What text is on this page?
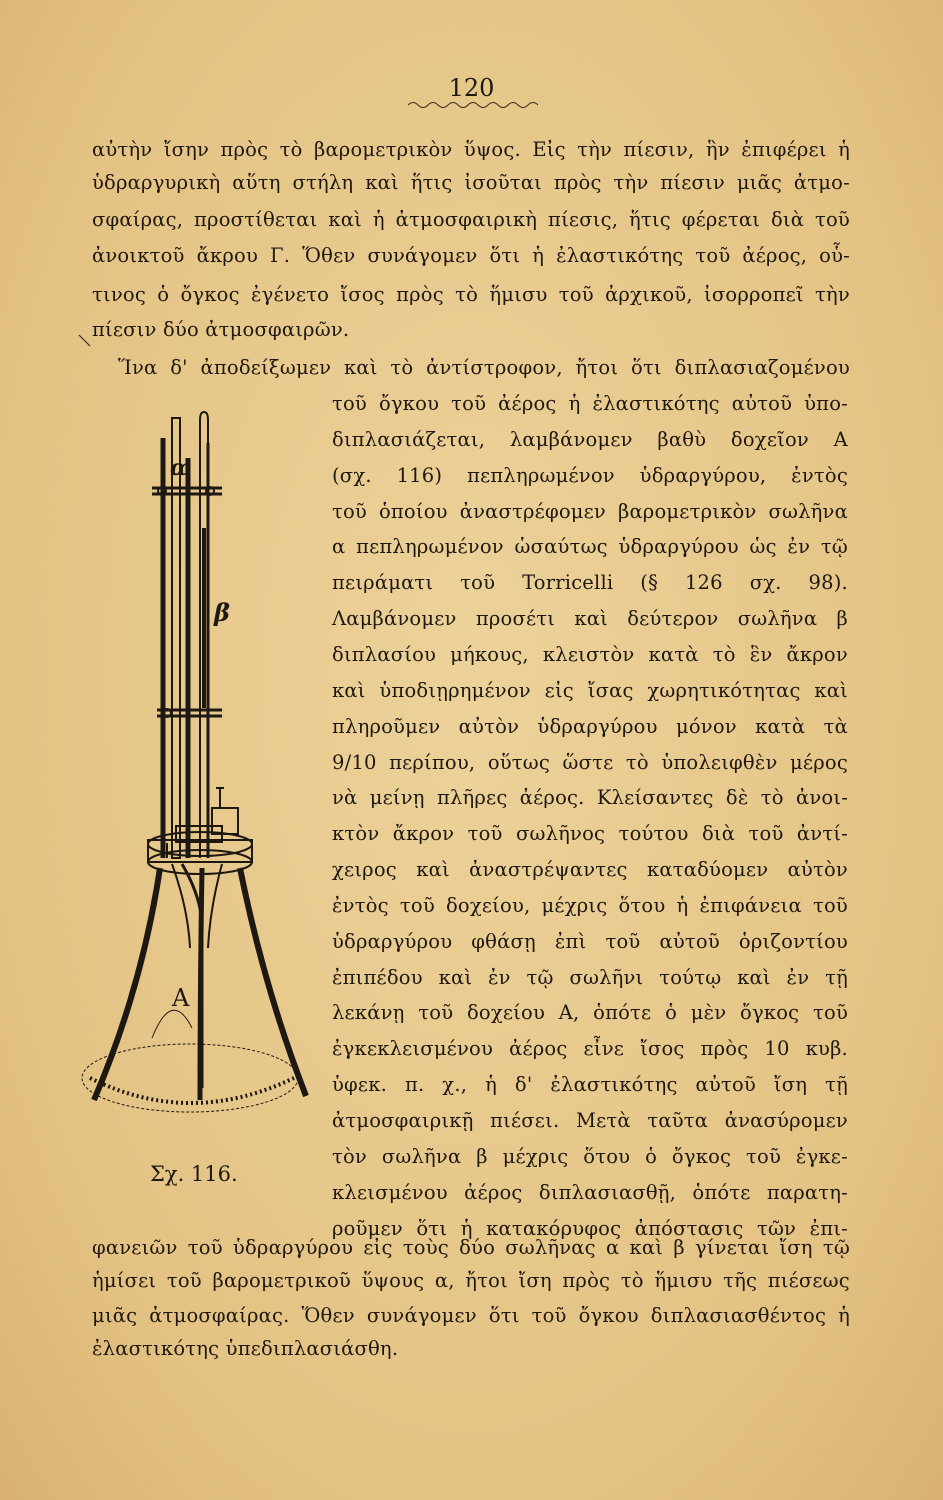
120
αὐτὴν ἴσην πρὸς τὸ βαρομετρικὸν ὕψος. Εἰς τὴν πίεσιν, ἣν ἐπιφέρει ἡ
ὑδραργυρικὴ αὕτη στήλη καὶ ἥτις ἰσοῦται πρὸς τὴν πίεσιν μιᾶς ἀτμο-
σφαίρας, προστίθεται καὶ ἡ ἀτμοσφαιρικὴ πίεσις, ἥτις φέρεται διὰ τοῦ
ἀνοικτοῦ ἄκρου Γ. Ὅθεν συνάγομεν ὅτι ἡ ἐλαστικότης τοῦ ἀέρος, οὗ-
τινος ὁ ὄγκος ἐγένετο ἴσος πρὸς τὸ ἥμισυ τοῦ ἀρχικοῦ, ἰσορροπεῖ τὴν
πίεσιν δύο ἀτμοσφαιρῶν.
Ἵνα δ' ἀποδείξωμεν καὶ τὸ ἀντίστροφον, ἤτοι ὅτι διπλασιαζομένου
τοῦ ὄγκου τοῦ ἀέρος ἡ ἐλαστικότης αὐτοῦ ὑπο-
διπλασιάζεται, λαμβάνομεν βαθὺ δοχεῖον Α
(σχ. 116) πεπληρωμένον ὑδραργύρου, ἐντὸς
τοῦ ὁποίου ἀναστρέφομεν βαρομετρικὸν σωλῆνα
α πεπληρωμένον ὡσαύτως ὑδραργύρου ὡς ἐν τῷ
πειράματι τοῦ Torricelli (§ 126 σχ. 98).
Λαμβάνομεν προσέτι καὶ δεύτερον σωλῆνα β
διπλασίου μήκους, κλειστὸν κατὰ τὸ ἓν ἄκρον
καὶ ὑποδιῃρημένον εἰς ἴσας χωρητικότητας καὶ
πληροῦμεν αὐτὸν ὑδραργύρου μόνον κατὰ τὰ
9/10 περίπου, οὕτως ὥστε τὸ ὑπολειφθὲν μέρος
νὰ μείνῃ πλῆρες ἀέρος. Κλείσαντες δὲ τὸ ἀνοι-
κτὸν ἄκρον τοῦ σωλῆνος τούτου διὰ τοῦ ἀντί-
χειρος καὶ ἀναστρέψαντες καταδύομεν αὐτὸν
ἐντὸς τοῦ δοχείου, μέχρις ὅτου ἡ ἐπιφάνεια τοῦ
ὑδραργύρου φθάσῃ ἐπὶ τοῦ αὐτοῦ ὁριζοντίου
ἐπιπέδου καὶ ἐν τῷ σωλῆνι τούτῳ καὶ ἐν τῇ
λεκάνῃ τοῦ δοχείου Α, ὁπότε ὁ μὲν ὄγκος τοῦ
ἐγκεκλεισμένου ἀέρος εἶνε ἴσος πρὸς 10 κυβ.
ὑφεκ. π. χ., ἡ δ' ἐλαστικότης αὐτοῦ ἴση τῇ
ἀτμοσφαιρικῇ πιέσει. Μετὰ ταῦτα ἀνασύρομεν
τὸν σωλῆνα β μέχρις ὅτου ὁ ὄγκος τοῦ ἐγκε-
κλεισμένου ἀέρος διπλασιασθῇ, ὁπότε παρατη-
ροῦμεν ὅτι ἡ κατακόρυφος ἀπόστασις τῶν ἐπι-
φανειῶν τοῦ ὑδραργύρου εἰς τοὺς δύο σωλῆνας α καὶ β γίνεται ἴση τῷ
ἡμίσει τοῦ βαρομετρικοῦ ὕψους α, ἤτοι ἴση πρὸς τὸ ἥμισυ τῆς πιέσεως
μιᾶς ἀτμοσφαίρας. Ὅθεν συνάγομεν ὅτι τοῦ ὄγκου διπλασιασθέντος ἡ
ἐλαστικότης ὑπεδιπλασιάσθη.
α
β
Α
Σχ. 116.
